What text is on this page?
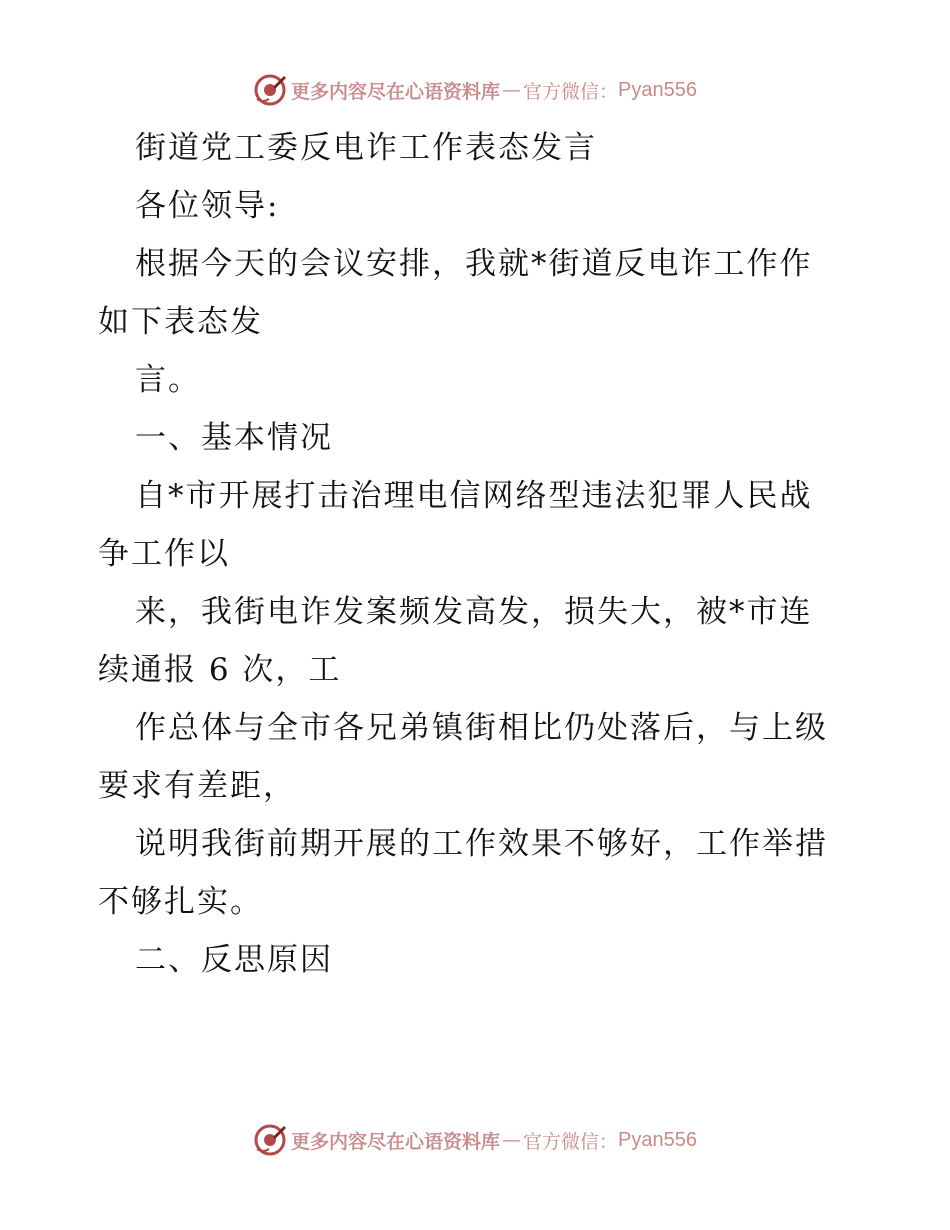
更多内容尽在心语资料库 — 官方微信： Pyan556
街道党工委反电诈工作表态发言
各位领导:
根据今天的会议安排，我就*街道反电诈工作作
如下表态发
言。
一、基本情况
自*市开展打击治理电信网络型违法犯罪人民战
争工作以
来，我街电诈发案频发高发，损失大，被*市连
续通报 6 次，工
作总体与全市各兄弟镇街相比仍处落后，与上级
要求有差距，
说明我街前期开展的工作效果不够好，工作举措
不够扎实。
二、反思原因
更多内容尽在心语资料库 — 官方微信： Pyan556
